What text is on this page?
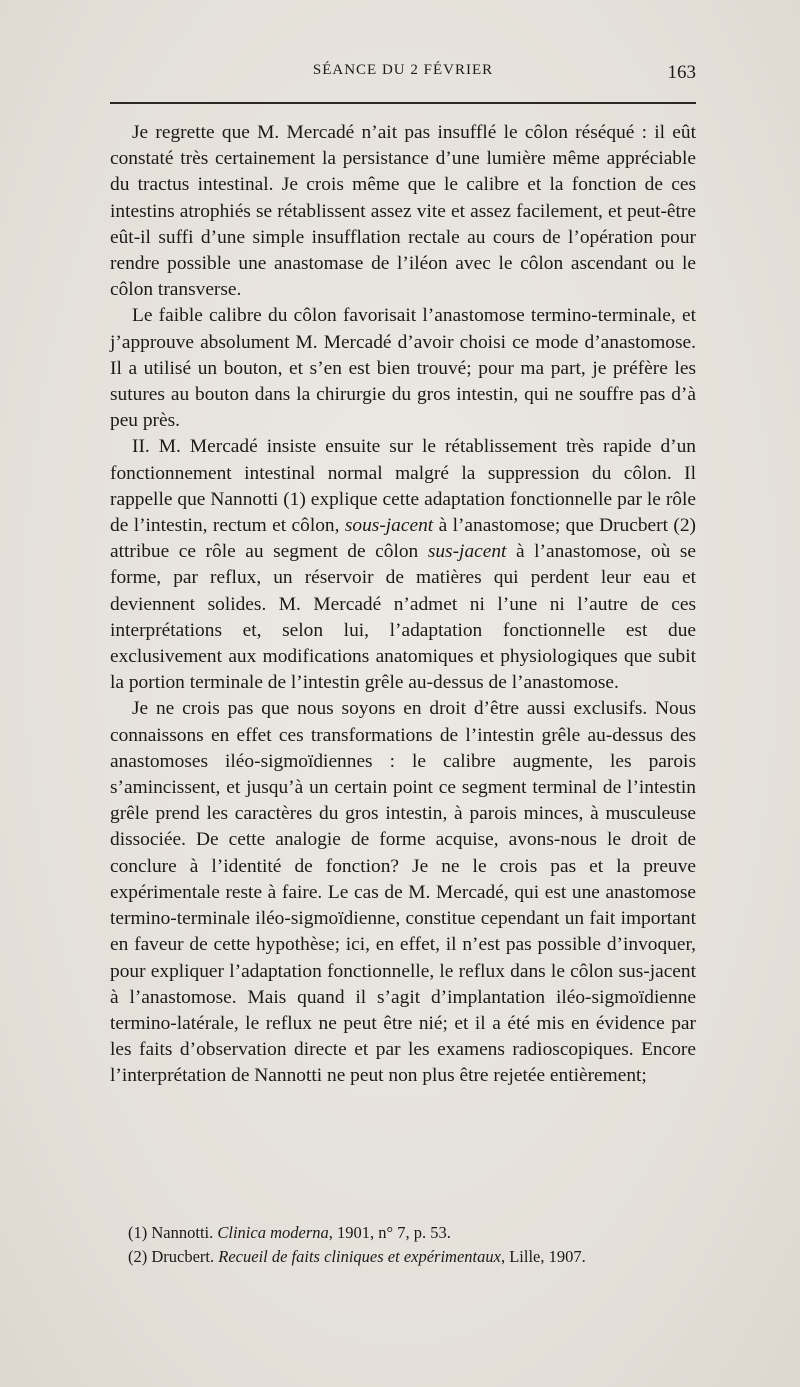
SÉANCE DU 2 FÉVRIER	163

Je regrette que M. Mercadé n’ait pas insufflé le côlon réséqué : il eût constaté très certainement la persistance d’une lumière même appréciable du tractus intestinal. Je crois même que le calibre et la fonction de ces intestins atrophiés se rétablissent assez vite et assez facilement, et peut-être eût-il suffi d’une simple insufflation rectale au cours de l’opération pour rendre possible une anastomase de l’iléon avec le côlon ascendant ou le côlon transverse.

Le faible calibre du côlon favorisait l’anastomose termino-terminale, et j’approuve absolument M. Mercadé d’avoir choisi ce mode d’anastomose. Il a utilisé un bouton, et s’en est bien trouvé; pour ma part, je préfère les sutures au bouton dans la chirurgie du gros intestin, qui ne souffre pas d’à peu près.

II. M. Mercadé insiste ensuite sur le rétablissement très rapide d’un fonctionnement intestinal normal malgré la suppression du côlon. Il rappelle que Nannotti (1) explique cette adaptation fonctionnelle par le rôle de l’intestin, rectum et côlon, sous-jacent à l’anastomose; que Drucbert (2) attribue ce rôle au segment de côlon sus-jacent à l’anastomose, où se forme, par reflux, un réservoir de matières qui perdent leur eau et deviennent solides. M. Mercadé n’admet ni l’une ni l’autre de ces interprétations et, selon lui, l’adaptation fonctionnelle est due exclusivement aux modifications anatomiques et physiologiques que subit la portion terminale de l’intestin grêle au-dessus de l’anastomose.

Je ne crois pas que nous soyons en droit d’être aussi exclusifs. Nous connaissons en effet ces transformations de l’intestin grêle au-dessus des anastomoses iléo-sigmoïdiennes : le calibre augmente, les parois s’amincissent, et jusqu’à un certain point ce segment terminal de l’intestin grêle prend les caractères du gros intestin, à parois minces, à musculeuse dissociée. De cette analogie de forme acquise, avons-nous le droit de conclure à l’identité de fonction? Je ne le crois pas et la preuve expérimentale reste à faire. Le cas de M. Mercadé, qui est une anastomose termino-terminale iléo-sigmoïdienne, constitue cependant un fait important en faveur de cette hypothèse; ici, en effet, il n’est pas possible d’invoquer, pour expliquer l’adaptation fonctionnelle, le reflux dans le côlon sus-jacent à l’anastomose. Mais quand il s’agit d’implantation iléo-sigmoïdienne termino-latérale, le reflux ne peut être nié; et il a été mis en évidence par les faits d’observation directe et par les examens radioscopiques. Encore l’interprétation de Nannotti ne peut non plus être rejetée entièrement;

(1) Nannotti. Clinica moderna, 1901, n° 7, p. 53.

(2) Drucbert. Recueil de faits cliniques et expérimentaux, Lille, 1907.
